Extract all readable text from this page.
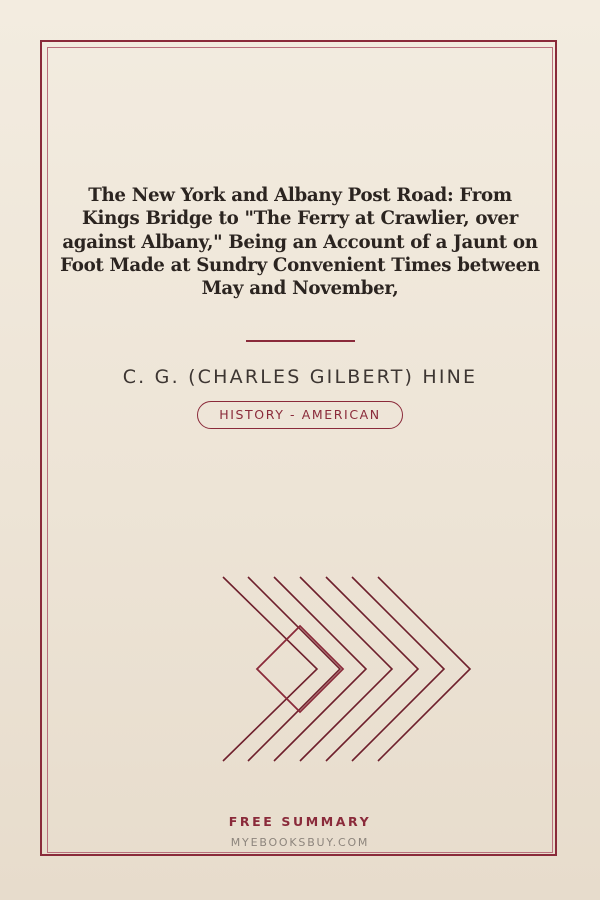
The New York and Albany Post Road: From Kings Bridge to "The Ferry at Crawlier, over against Albany," Being an Account of a Jaunt on Foot Made at Sundry Convenient Times between May and November,
C. G. (CHARLES GILBERT) HINE
HISTORY - AMERICAN
FREE SUMMARY
MYEBOOKSBUY.COM
